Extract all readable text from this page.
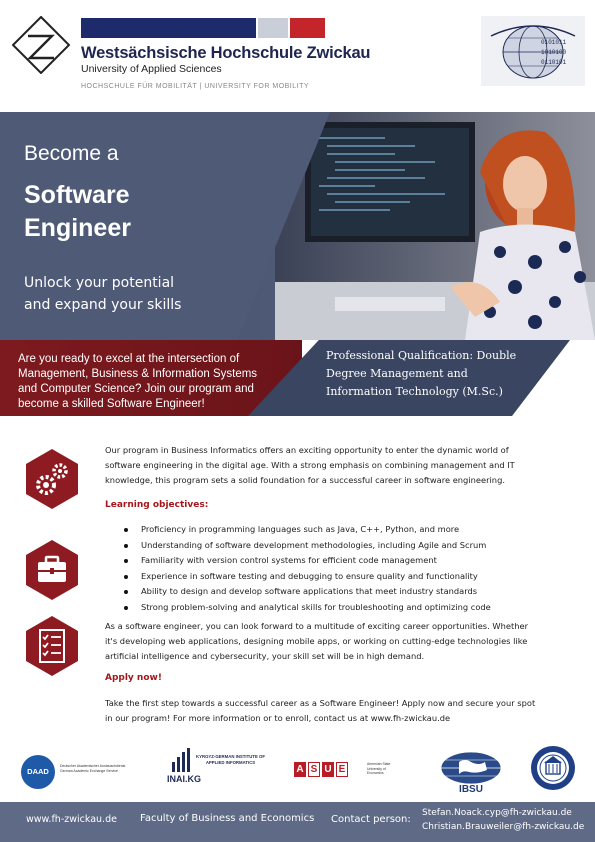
Westsächsische Hochschule Zwickau
University of Applied Sciences
HOCHSCHULE FÜR MOBILITÄT | UNIVERSITY FOR MOBILITY
0101011
1010100
0110101
Become a
Software
Engineer
Unlock your potential
and expand your skills
Are you ready to excel at the intersection of Management, Business & Information Systems and Computer Science? Join our program and become a skilled Software Engineer!
Professional Qualification: Double Degree Management and Information Technology (M.Sc.)
Our program in Business Informatics offers an exciting opportunity to enter the dynamic world of software engineering in the digital age. With a strong emphasis on combining management and IT knowledge, this program sets a solid foundation for a successful career in software engineering.
Learning objectives:
Proficiency in programming languages such as Java, C++, Python, and more
Understanding of software development methodologies, including Agile and Scrum
Familiarity with version control systems for efficient code management
Experience in software testing and debugging to ensure quality and functionality
Ability to design and develop software applications that meet industry standards
Strong problem-solving and analytical skills for troubleshooting and optimizing code
As a software engineer, you can look forward to a multitude of exciting career opportunities. Whether it's developing web applications, designing mobile apps, or working on cutting-edge technologies like artificial intelligence and cybersecurity, your skill set will be in high demand.
Apply now!
Take the first step towards a successful career as a Software Engineer! Apply now and secure your spot in our program! For more information or to enroll, contact us at www.fh-zwickau.de
DAAD
Deutscher Akademischer Austauschdienst German Academic Exchange Service
KYRGYZ-GERMAN INSTITUTE OF APPLIED INFORMATICS
INAI.KG
A S U E	Armenian State University of Economics
IBSU
www.fh-zwickau.de Faculty of Business and Economics Contact person:
Stefan.Noack.cyp@fh-zwickau.de
Christian.Brauweiler@fh-zwickau.de
